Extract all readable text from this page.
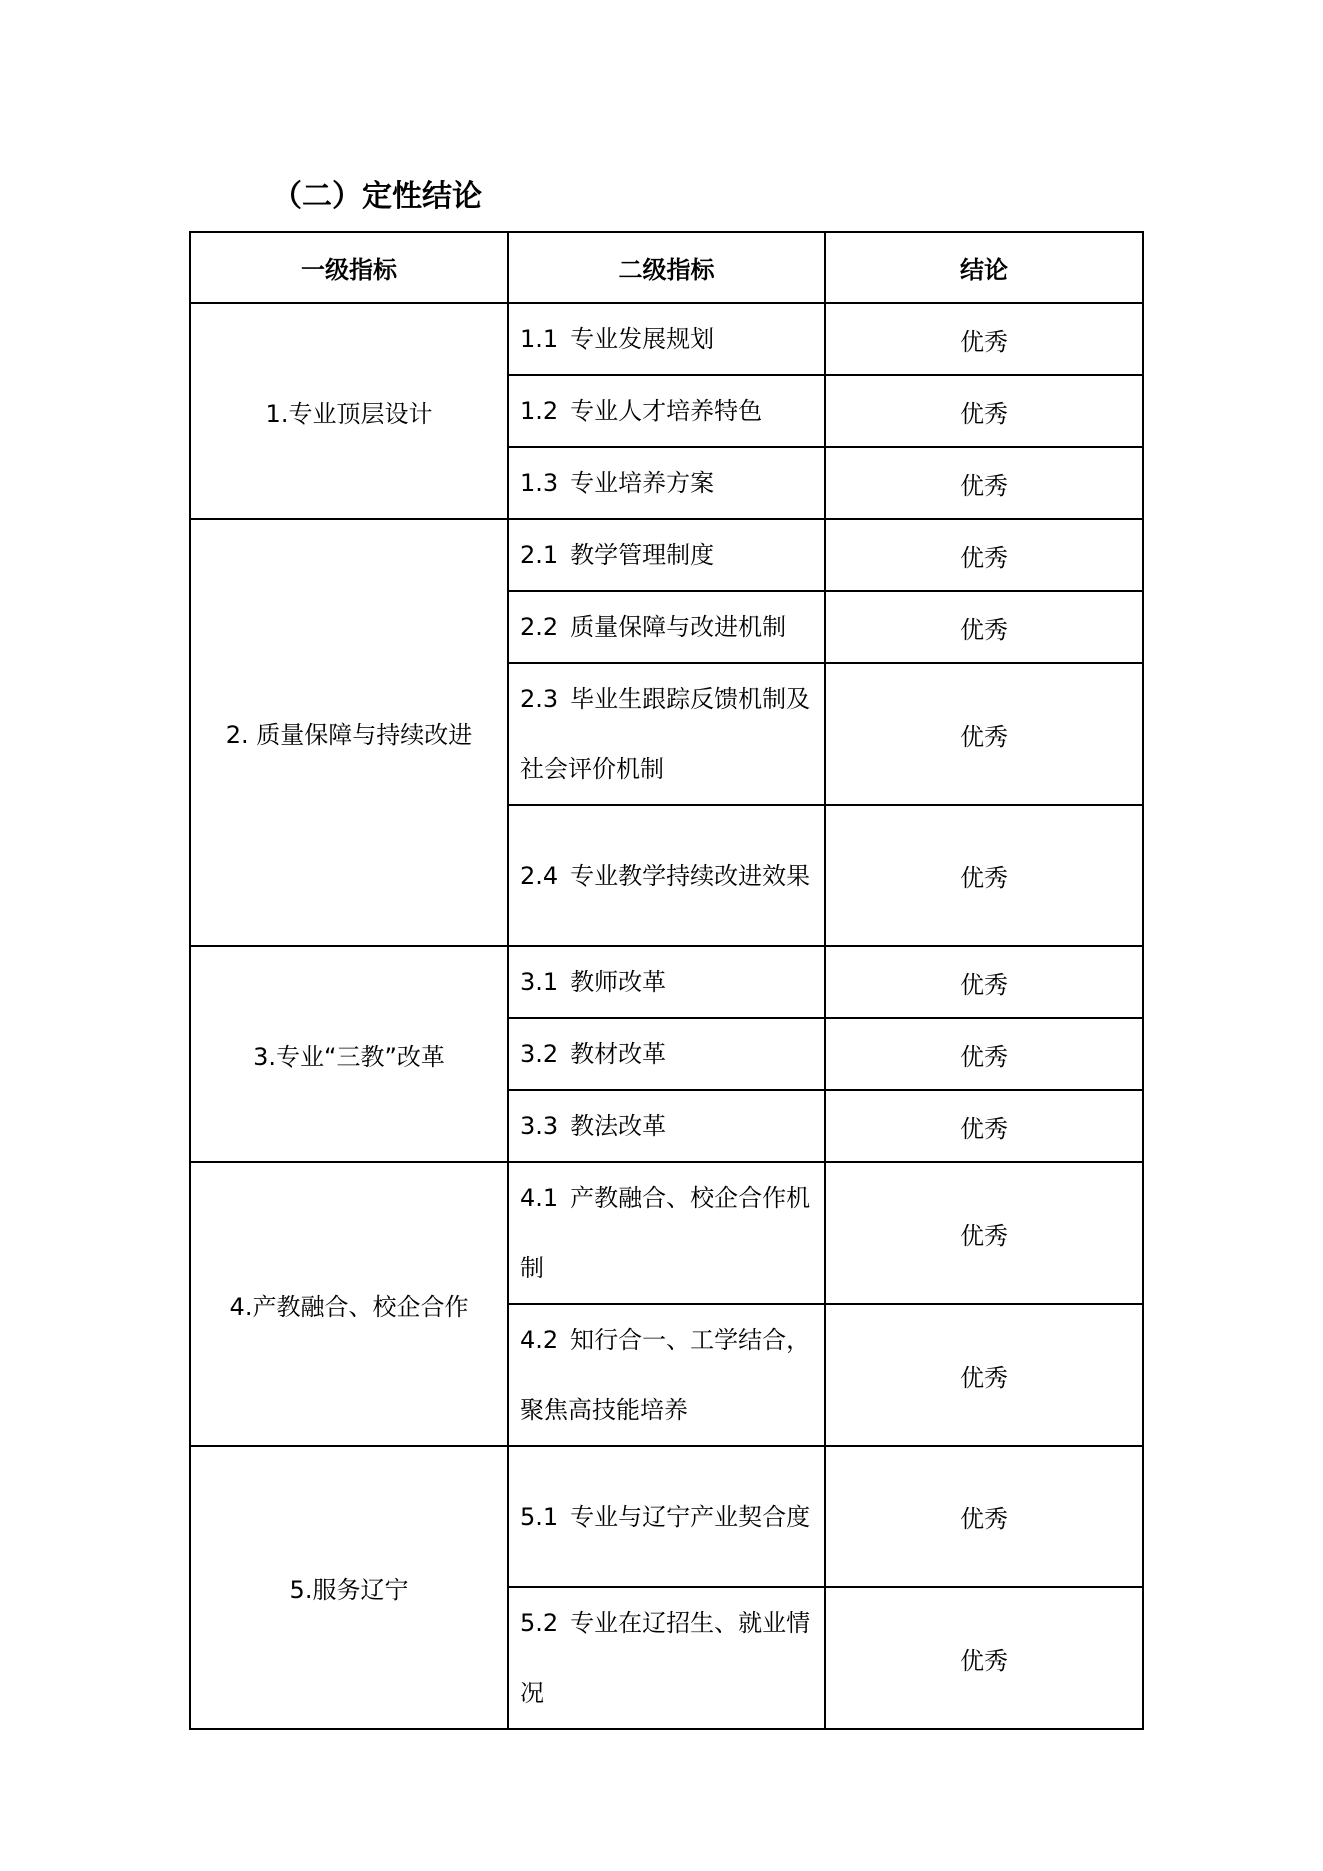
（二）定性结论
一级指标	二级指标	结论
1.专业顶层设计	1.1 专业发展规划	优秀
	1.2 专业人才培养特色	优秀
	1.3 专业培养方案	优秀
2. 质量保障与持续改进	2.1 教学管理制度	优秀
	2.2 质量保障与改进机制	优秀
	2.3 毕业生跟踪反馈机制及社会评价机制	优秀
	2.4 专业教学持续改进效果	优秀
3.专业“三教”改革	3.1 教师改革	优秀
	3.2 教材改革	优秀
	3.3 教法改革	优秀
4.产教融合、校企合作	4.1 产教融合、校企合作机制	优秀
	4.2 知行合一、工学结合，聚焦高技能培养	优秀
5.服务辽宁	5.1 专业与辽宁产业契合度	优秀
	5.2 专业在辽招生、就业情况	优秀
